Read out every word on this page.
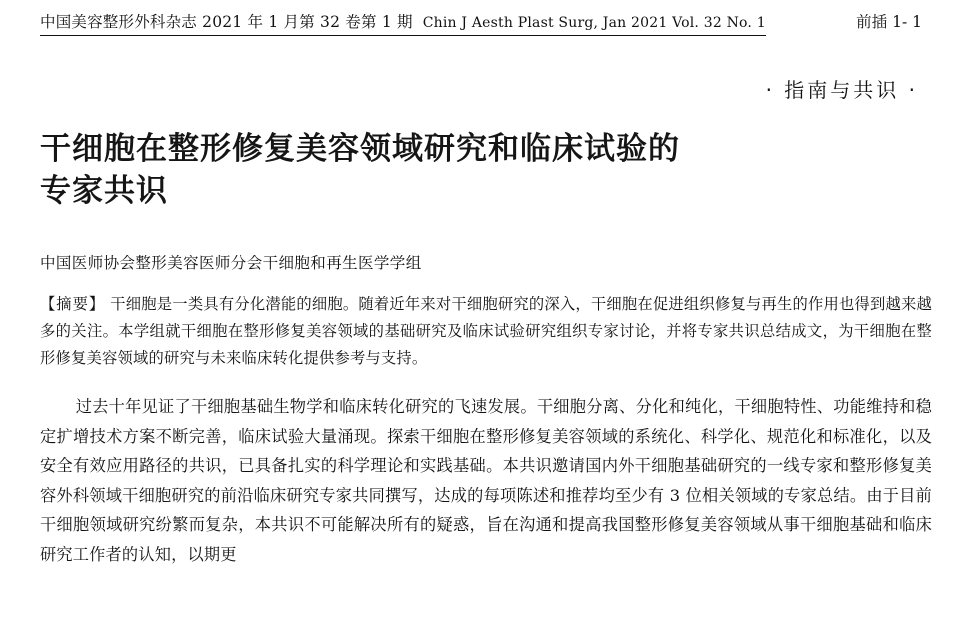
中国美容整形外科杂志 2021 年 1 月第 32 卷第 1 期 Chin J Aesth Plast Surg, Jan 2021 Vol. 32 No. 1	前插 1- 1
· 指南与共识 ·
干细胞在整形修复美容领域研究和临床试验的
专家共识
中国医师协会整形美容医师分会干细胞和再生医学学组
【摘要】 干细胞是一类具有分化潜能的细胞。随着近年来对干细胞研究的深入，干细胞在促进组织修复与再生的作用也得到越来越多的关注。本学组就干细胞在整形修复美容领域的基础研究及临床试验研究组织专家讨论，并将专家共识总结成文，为干细胞在整形修复美容领域的研究与未来临床转化提供参考与支持。
过去十年见证了干细胞基础生物学和临床转化研究的飞速发展。干细胞分离、分化和纯化，干细胞特性、功能维持和稳定扩增技术方案不断完善，临床试验大量涌现。探索干细胞在整形修复美容领域的系统化、科学化、规范化和标准化，以及安全有效应用路径的共识，已具备扎实的科学理论和实践基础。本共识邀请国内外干细胞基础研究的一线专家和整形修复美容外科领域干细胞研究的前沿临床研究专家共同撰写，达成的每项陈述和推荐均至少有 3 位相关领域的专家总结。由于目前干细胞领域研究纷繁而复杂，本共识不可能解决所有的疑惑，旨在沟通和提高我国整形修复美容领域从事干细胞基础和临床研究工作者的认知，以期更
